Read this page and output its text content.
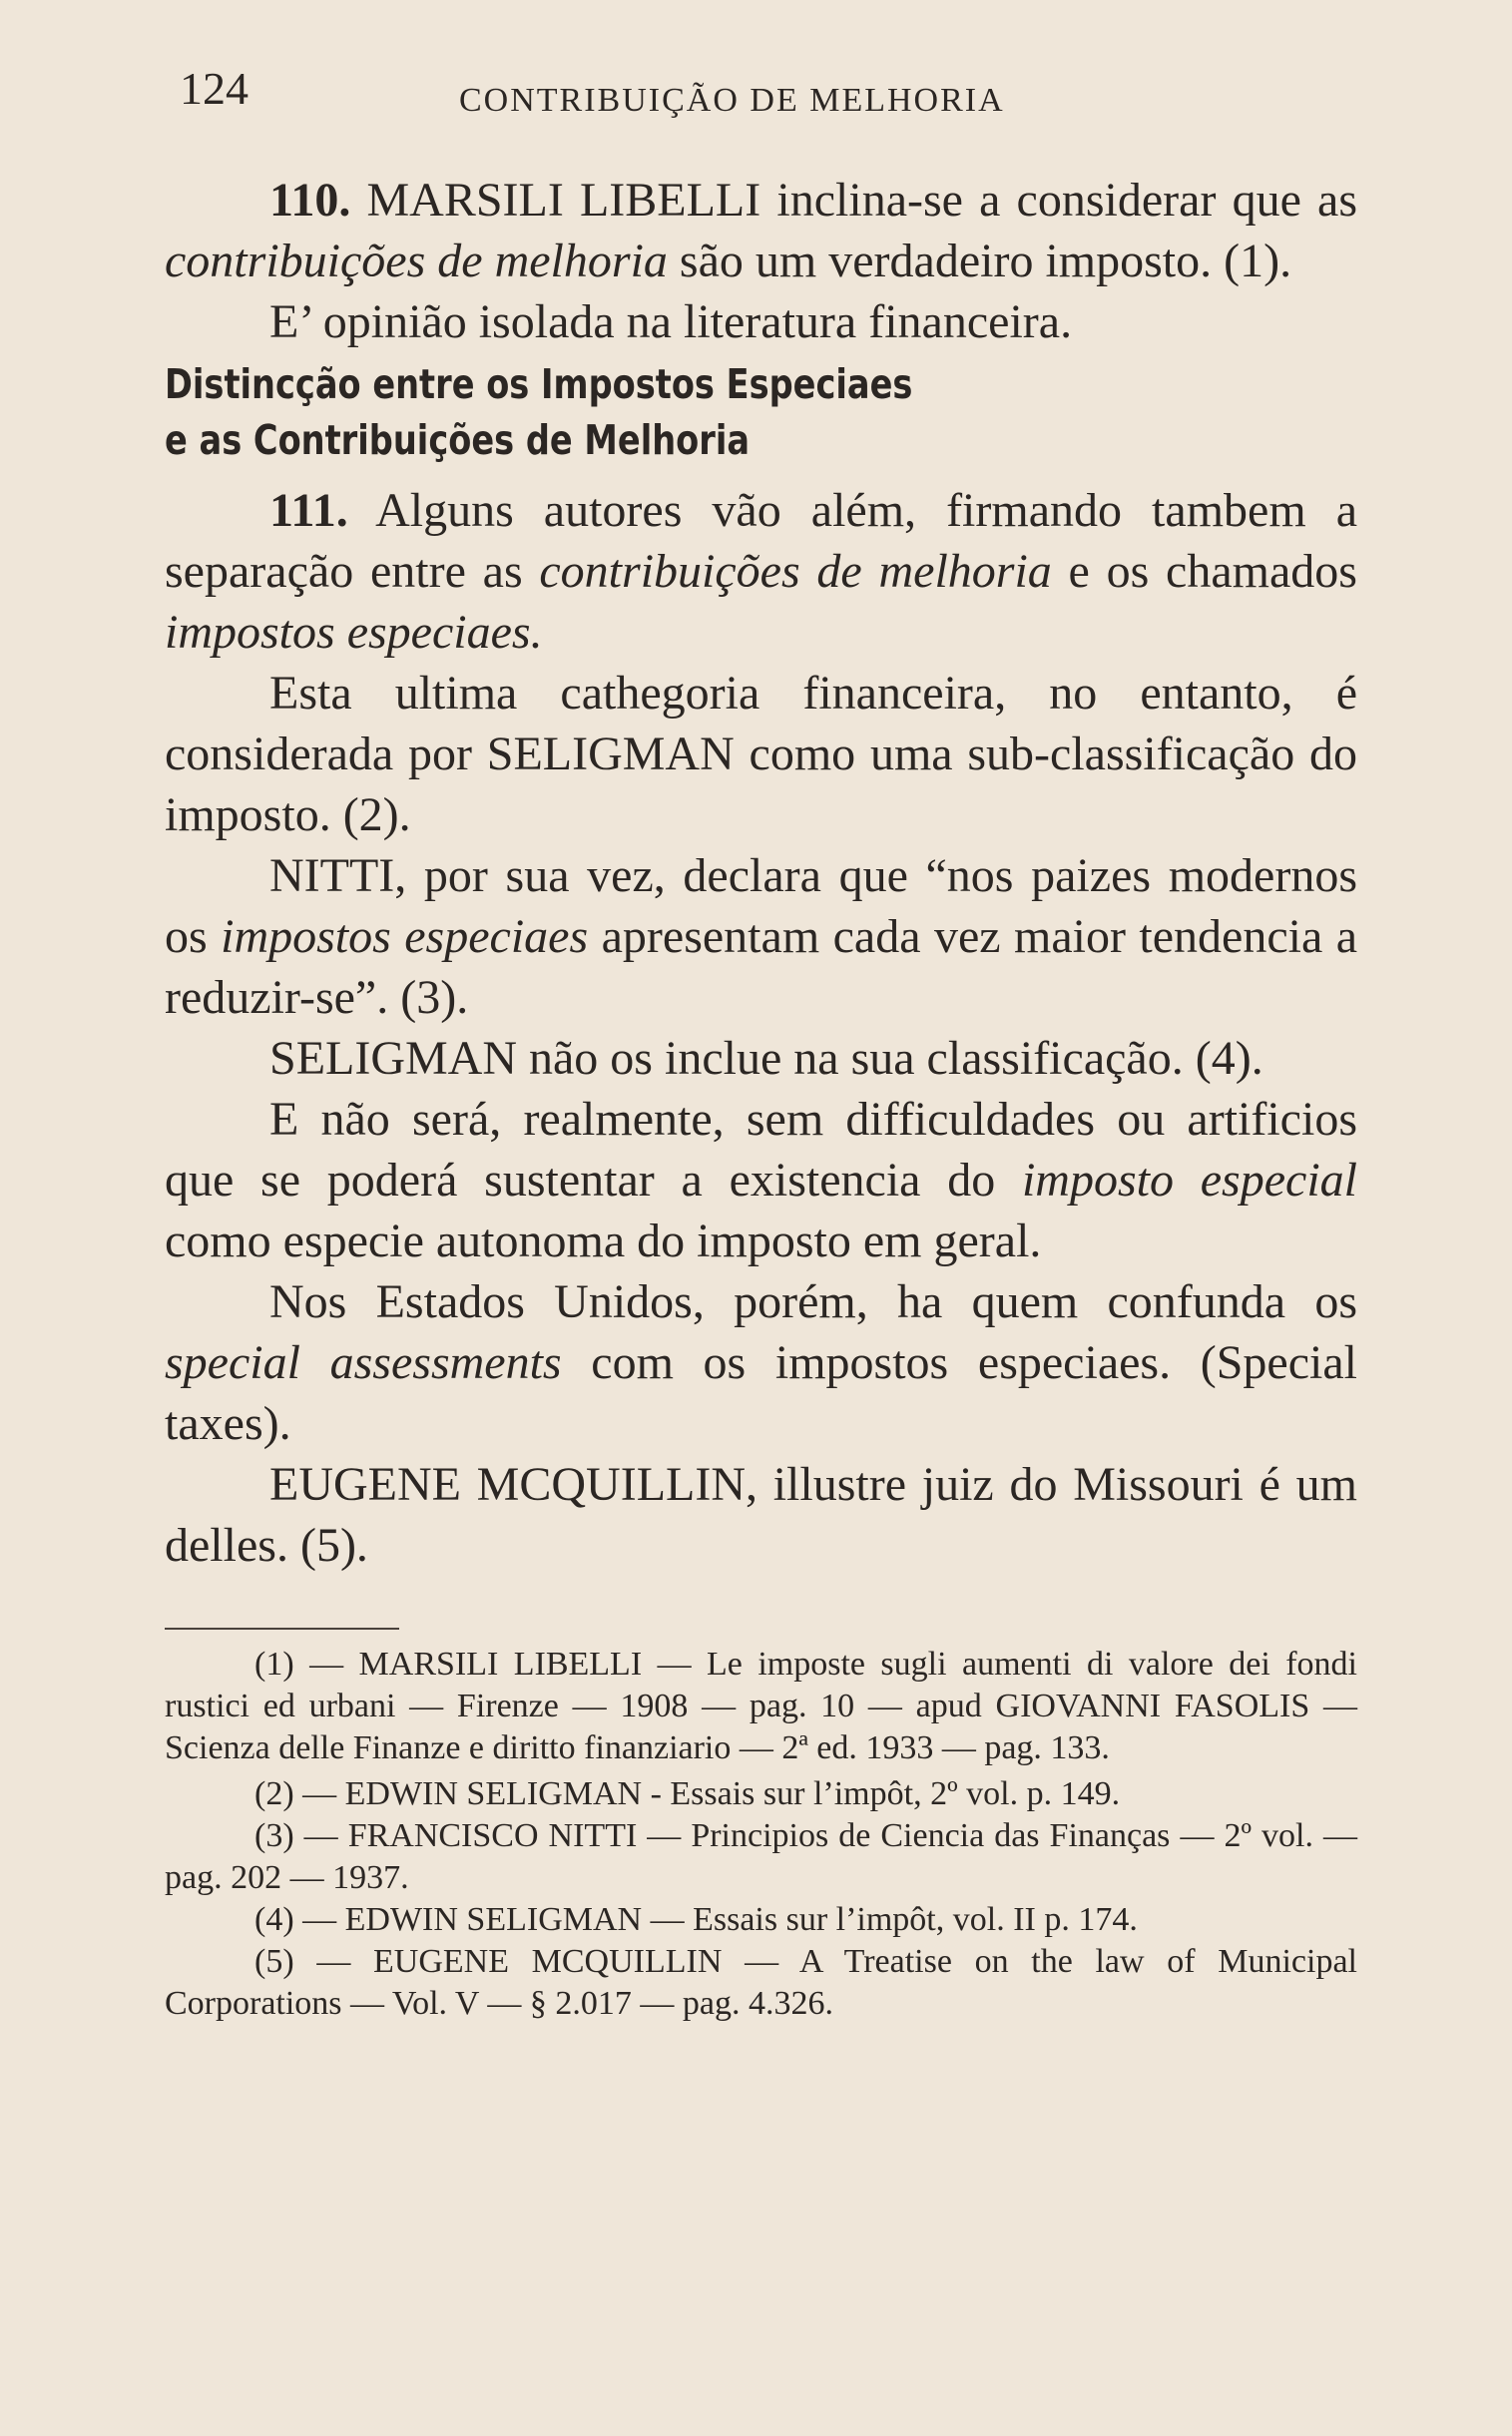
124	CONTRIBUIÇÃO DE MELHORIA

110. MARSILI LIBELLI inclina-se a considerar que as contribuições de melhoria são um verdadeiro imposto. (1).

E’ opinião isolada na literatura financeira.

Distincção entre os Impostos Especiaes

e as Contribuições de Melhoria

111. Alguns autores vão além, firmando tambem a separação entre as contribuições de melhoria e os chamados impostos especiaes.

Esta ultima cathegoria financeira, no entanto, é considerada por SELIGMAN como uma sub-classificação do imposto. (2).

NITTI, por sua vez, declara que “nos paizes modernos os impostos especiaes apresentam cada vez maior tendencia a reduzir-se”. (3).

SELIGMAN não os inclue na sua classificação. (4).

E não será, realmente, sem difficuldades ou artificios que se poderá sustentar a existencia do imposto especial como especie autonoma do imposto em geral.

Nos Estados Unidos, porém, ha quem confunda os special assessments com os impostos especiaes. (Special taxes).

EUGENE MCQUILLIN, illustre juiz do Missouri é um delles. (5).

(1) — MARSILI LIBELLI — Le imposte sugli aumenti di valore dei fondi rustici ed urbani — Firenze — 1908 — pag. 10 — apud GIOVANNI FASOLIS — Scienza delle Finanze e diritto finanziario — 2ª ed. 1933 — pag. 133.

(2) — EDWIN SELIGMAN - Essais sur l’impôt, 2º vol. p. 149.

(3) — FRANCISCO NITTI — Principios de Ciencia das Finanças — 2º vol. — pag. 202 — 1937.

(4) — EDWIN SELIGMAN — Essais sur l’impôt, vol. II p. 174.

(5) — EUGENE MCQUILLIN — A Treatise on the law of Municipal Corporations — Vol. V — § 2.017 — pag. 4.326.
